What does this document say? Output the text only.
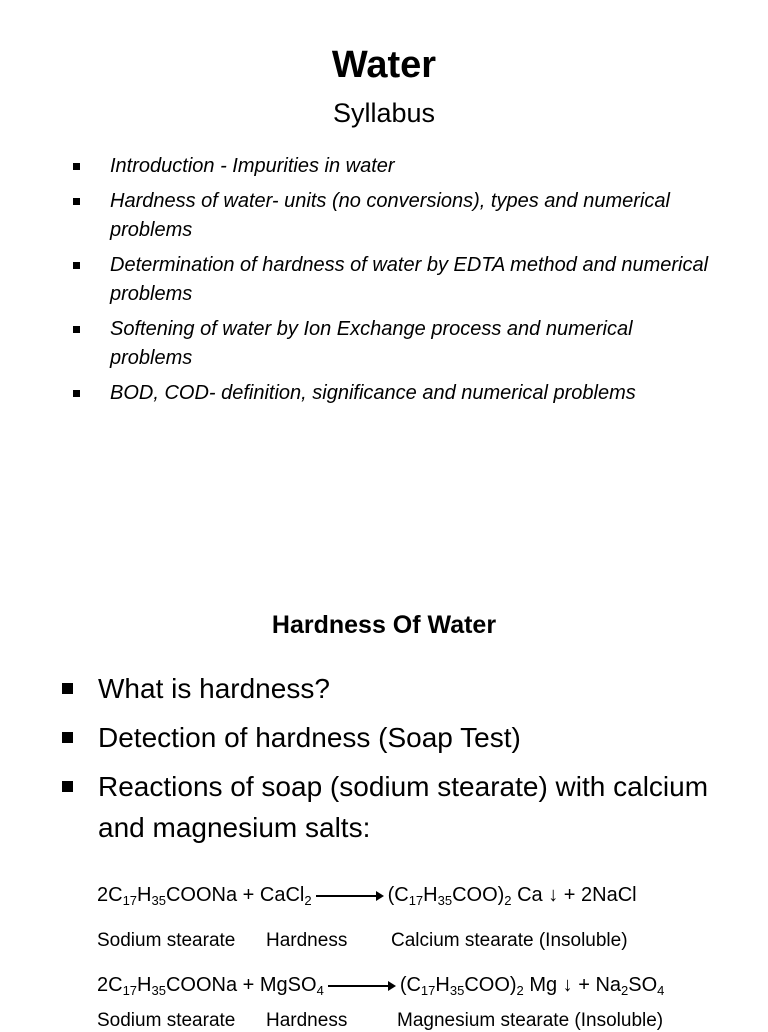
Water
Syllabus
Introduction - Impurities in water
Hardness of water- units (no conversions), types and numerical problems
Determination of hardness of water by EDTA method and numerical problems
Softening of water by Ion Exchange process and numerical problems
BOD, COD- definition, significance and numerical problems
Hardness Of Water
What is hardness?
Detection of hardness (Soap Test)
Reactions of soap (sodium stearate) with calcium and magnesium salts:
$2C_{17}H_{35}COONa$ + CaCl$_2$	$(C_{17}H_{35}COO)_2$ Ca ↓ + 2NaCl
Sodium stearate Hardness Calcium stearate (Insoluble)
$2C_{17}H_{35}COONa$ + MgSO$_4$	$(C_{17}H_{35}COO)_2$ Mg ↓ + $Na_2SO_4$
Sodium stearate Hardness	Magnesium stearate (Insoluble)
